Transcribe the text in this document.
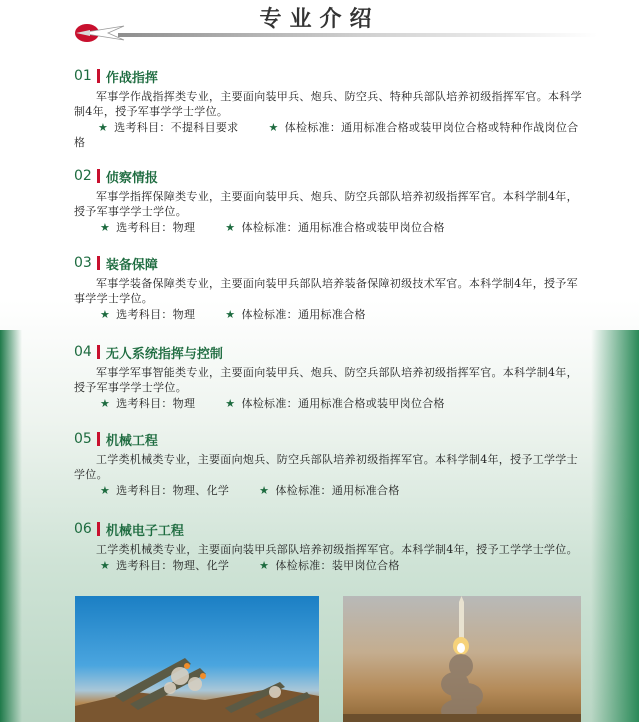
专业介绍
01 作战指挥

军事学作战指挥类专业，主要面向装甲兵、炮兵、防空兵、特种兵部队培养初级指挥军官。本科学制4年，授予军事学学士学位。

★ 选考科目：不提科目要求	★ 体检标准：通用标准合格或装甲岗位合格或特种作战岗位合格

02 侦察情报

军事学指挥保障类专业，主要面向装甲兵、炮兵、防空兵部队培养初级指挥军官。本科学制4年，授予军事学学士学位。

★ 选考科目：物理	★ 体检标准：通用标准合格或装甲岗位合格

03 装备保障

军事学装备保障类专业，主要面向装甲兵部队培养装备保障初级技术军官。本科学制4年，授予军事学学士学位。

★ 选考科目：物理	★ 体检标准：通用标准合格

04 无人系统指挥与控制

军事学军事智能类专业，主要面向装甲兵、炮兵、防空兵部队培养初级指挥军官。本科学制4年，授予军事学学士学位。

★ 选考科目：物理	★ 体检标准：通用标准合格或装甲岗位合格

05 机械工程

工学类机械类专业，主要面向炮兵、防空兵部队培养初级指挥军官。本科学制4年，授予工学学士学位。

★ 选考科目：物理、化学	★ 体检标准：通用标准合格

06 机械电子工程

工学类机械类专业，主要面向装甲兵部队培养初级指挥军官。本科学制4年，授予工学学士学位。

★ 选考科目：物理、化学	★ 体检标准：装甲岗位合格
